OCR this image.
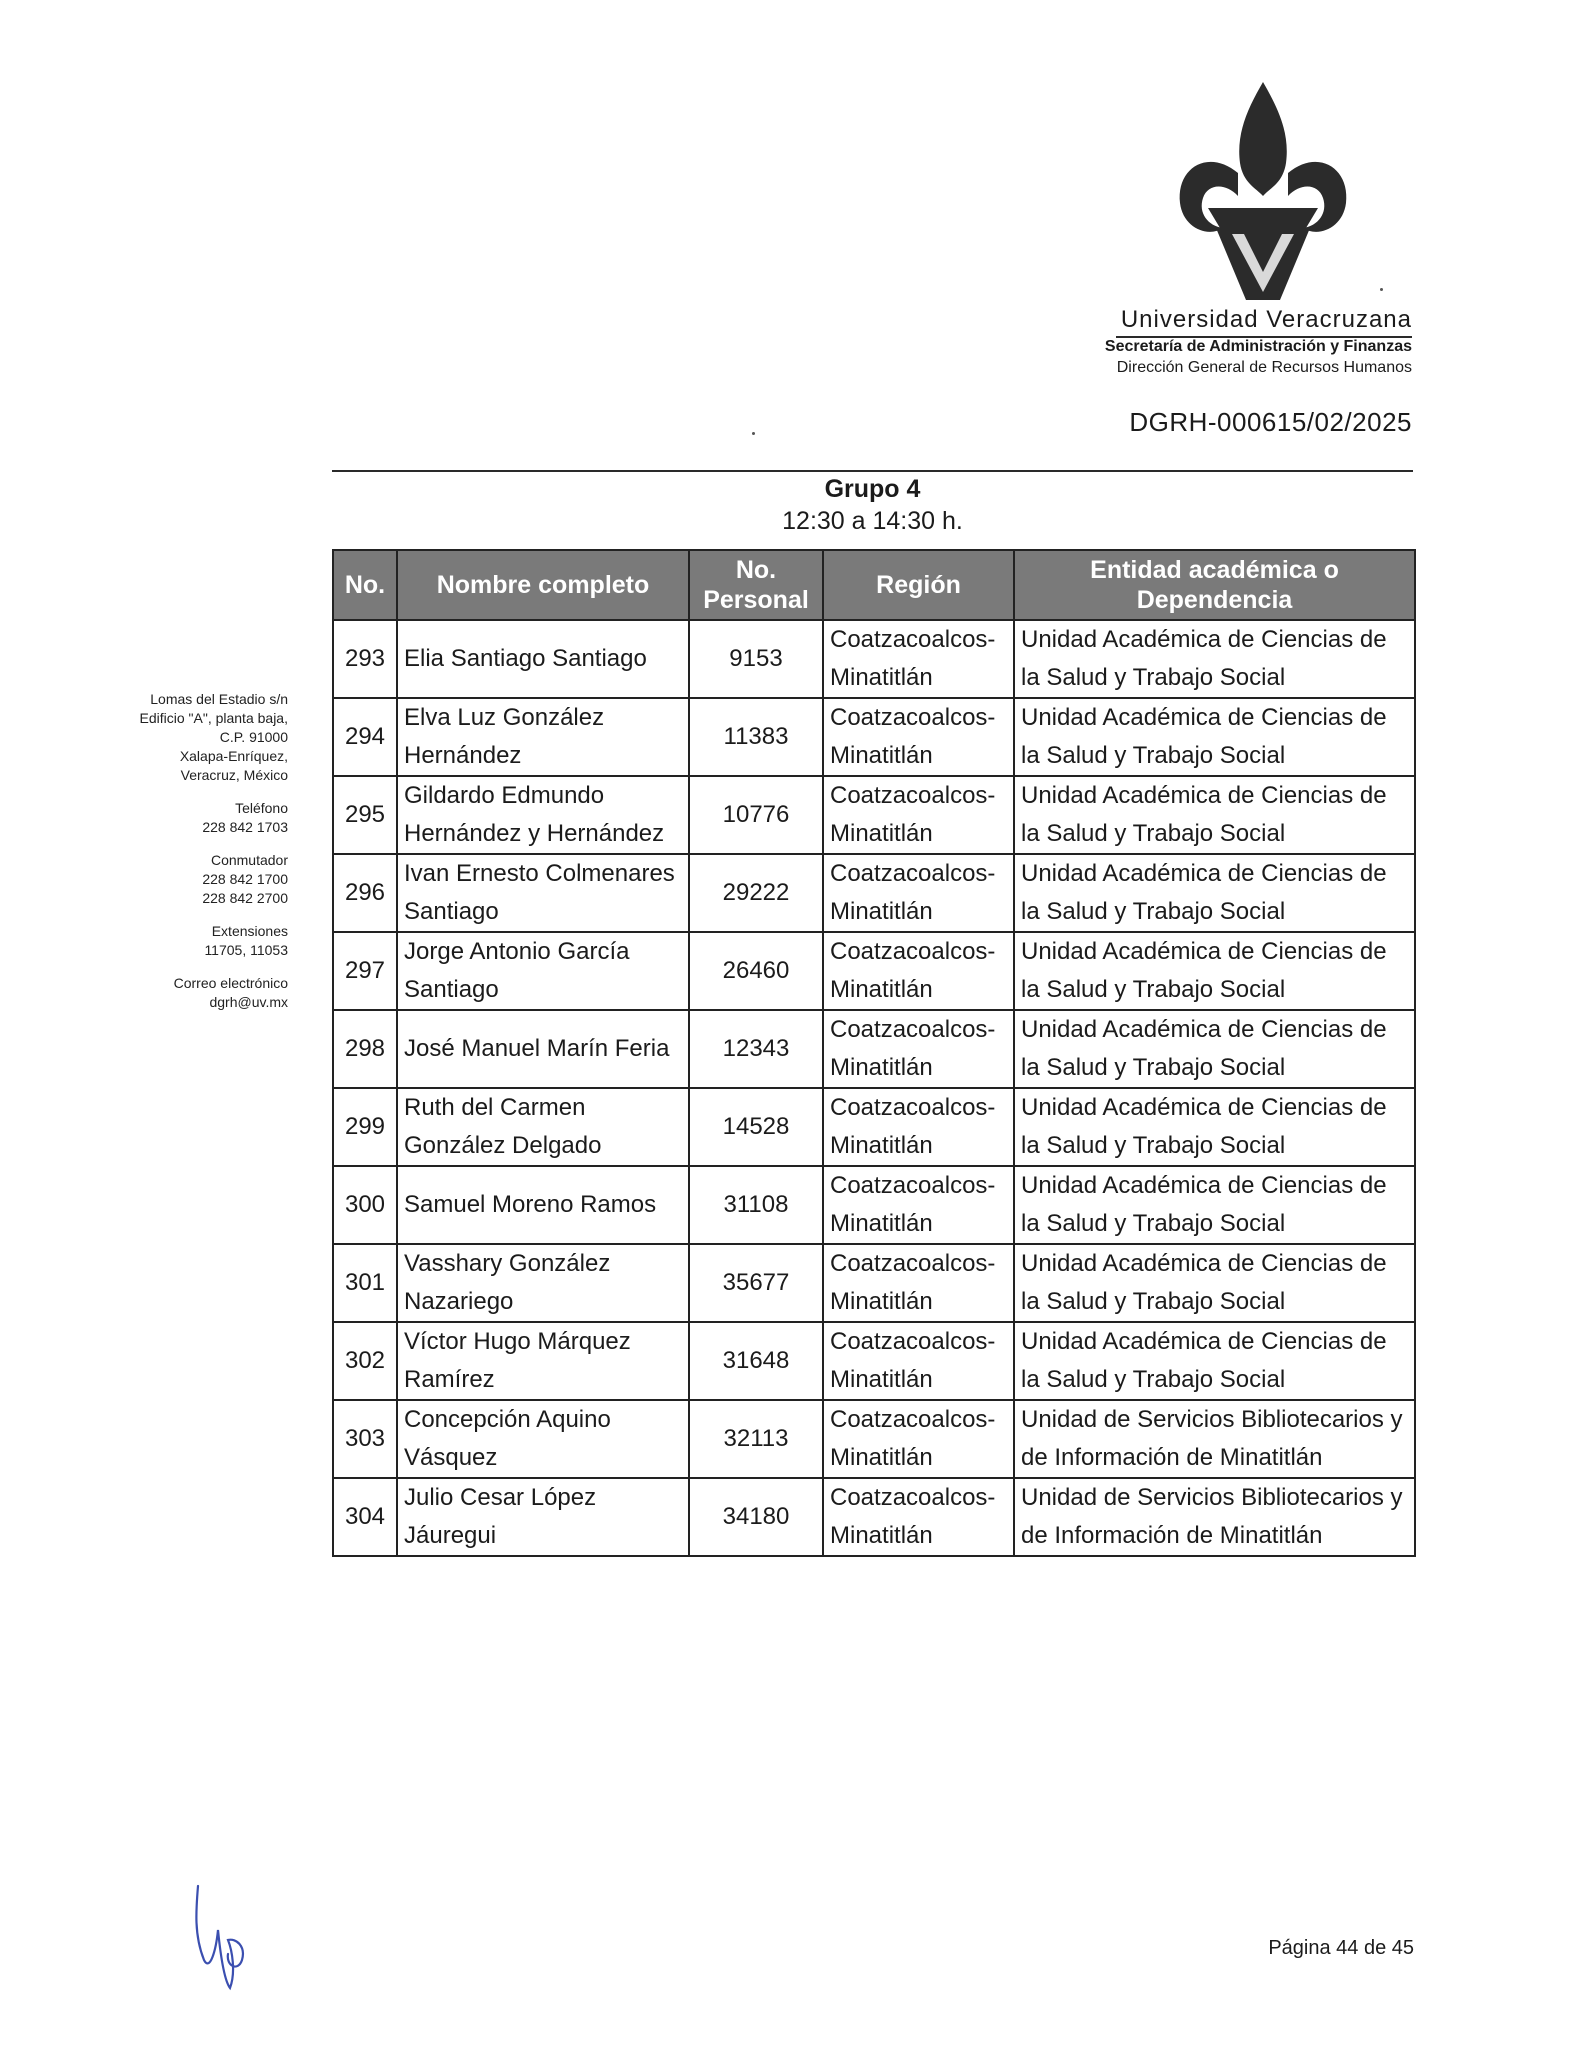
Universidad Veracruzana
Secretaría de Administración y Finanzas
Dirección General de Recursos Humanos
DGRH-000615/02/2025
Grupo 4
12:30 a 14:30 h.

Lomas del Estadio s/n
Edificio "A", planta baja,
C.P. 91000
Xalapa-Enríquez,
Veracruz, México

Teléfono
228 842 1703

Conmutador
228 842 1700
228 842 2700

Extensiones
11705, 11053

Correo electrónico
dgrh@uv.mx

No.	Nombre completo	No. Personal	Región	Entidad académica o Dependencia
293	Elia Santiago Santiago	9153	Coatzacoalcos-Minatitlán	Unidad Académica de Ciencias de la Salud y Trabajo Social
294	Elva Luz González Hernández	11383	Coatzacoalcos-Minatitlán	Unidad Académica de Ciencias de la Salud y Trabajo Social
295	Gildardo Edmundo Hernández y Hernández	10776	Coatzacoalcos-Minatitlán	Unidad Académica de Ciencias de la Salud y Trabajo Social
296	Ivan Ernesto Colmenares Santiago	29222	Coatzacoalcos-Minatitlán	Unidad Académica de Ciencias de la Salud y Trabajo Social
297	Jorge Antonio García Santiago	26460	Coatzacoalcos-Minatitlán	Unidad Académica de Ciencias de la Salud y Trabajo Social
298	José Manuel Marín Feria	12343	Coatzacoalcos-Minatitlán	Unidad Académica de Ciencias de la Salud y Trabajo Social
299	Ruth del Carmen González Delgado	14528	Coatzacoalcos-Minatitlán	Unidad Académica de Ciencias de la Salud y Trabajo Social
300	Samuel Moreno Ramos	31108	Coatzacoalcos-Minatitlán	Unidad Académica de Ciencias de la Salud y Trabajo Social
301	Vasshary González Nazariego	35677	Coatzacoalcos-Minatitlán	Unidad Académica de Ciencias de la Salud y Trabajo Social
302	Víctor Hugo Márquez Ramírez	31648	Coatzacoalcos-Minatitlán	Unidad Académica de Ciencias de la Salud y Trabajo Social
303	Concepción Aquino Vásquez	32113	Coatzacoalcos-Minatitlán	Unidad de Servicios Bibliotecarios y de Información de Minatitlán
304	Julio Cesar López Jáuregui	34180	Coatzacoalcos-Minatitlán	Unidad de Servicios Bibliotecarios y de Información de Minatitlán
Página 44 de 45
